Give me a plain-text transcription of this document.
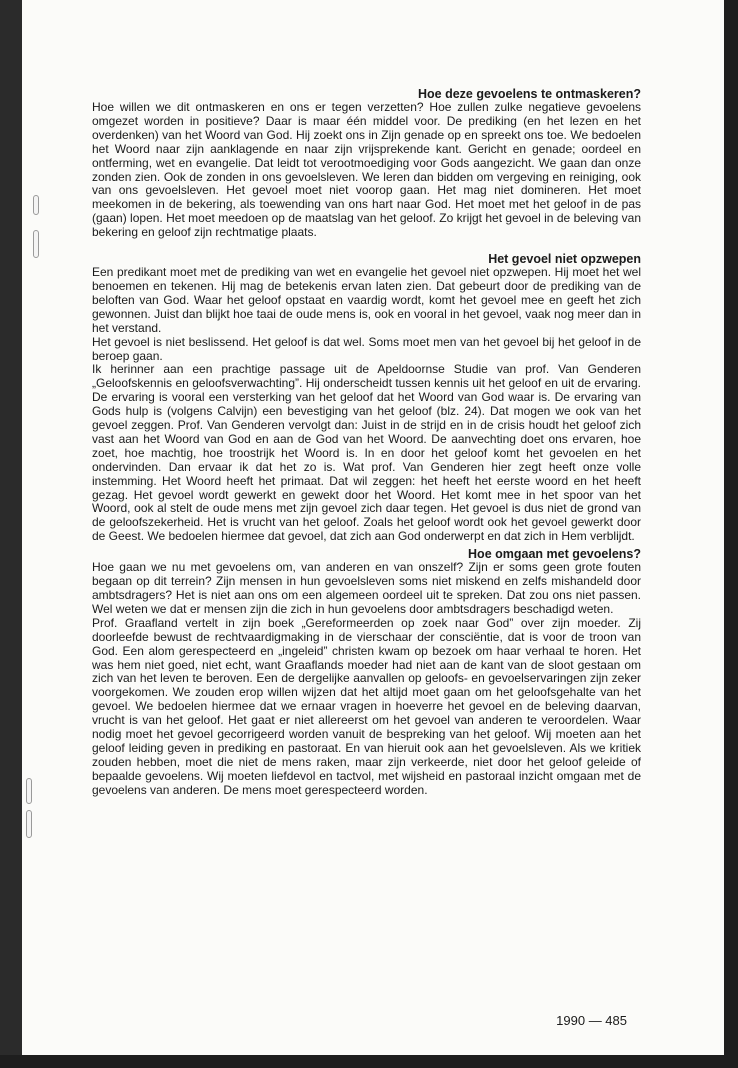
Hoe deze gevoelens te ontmaskeren?

Hoe willen we dit ontmaskeren en ons er tegen verzetten? Hoe zullen zulke negatieve gevoelens omgezet worden in positieve? Daar is maar één middel voor. De prediking (en het lezen en het overdenken) van het Woord van God. Hij zoekt ons in Zijn genade op en spreekt ons toe. We bedoelen het Woord naar zijn aanklagende en naar zijn vrijsprekende kant. Gericht en genade; oordeel en ontferming, wet en evangelie. Dat leidt tot verootmoediging voor Gods aangezicht. We gaan dan onze zonden zien. Ook de zonden in ons gevoelsleven. We leren dan bidden om vergeving en reiniging, ook van ons gevoelsleven. Het gevoel moet niet voorop gaan. Het mag niet domineren. Het moet meekomen in de bekering, als toewending van ons hart naar God. Het moet met het geloof in de pas (gaan) lopen. Het moet meedoen op de maatslag van het geloof. Zo krijgt het gevoel in de beleving van bekering en geloof zijn rechtmatige plaats.

Het gevoel niet opzwepen

Een predikant moet met de prediking van wet en evangelie het gevoel niet opzwepen. Hij moet het wel benoemen en tekenen. Hij mag de betekenis ervan laten zien. Dat gebeurt door de prediking van de beloften van God. Waar het geloof opstaat en vaardig wordt, komt het gevoel mee en geeft het zich gewonnen. Juist dan blijkt hoe taai de oude mens is, ook en vooral in het gevoel, vaak nog meer dan in het verstand.

Het gevoel is niet beslissend. Het geloof is dat wel. Soms moet men van het gevoel bij het geloof in de beroep gaan.

Ik herinner aan een prachtige passage uit de Apeldoornse Studie van prof. Van Genderen „Geloofskennis en geloofsverwachting”. Hij onderscheidt tussen kennis uit het geloof en uit de ervaring. De ervaring is vooral een versterking van het geloof dat het Woord van God waar is. De ervaring van Gods hulp is (volgens Calvijn) een bevestiging van het geloof (blz. 24). Dat mogen we ook van het gevoel zeggen. Prof. Van Genderen vervolgt dan: Juist in de strijd en in de crisis houdt het geloof zich vast aan het Woord van God en aan de God van het Woord. De aanvechting doet ons ervaren, hoe zoet, hoe machtig, hoe troostrijk het Woord is. In en door het geloof komt het gevoelen en het ondervinden. Dan ervaar ik dat het zo is. Wat prof. Van Genderen hier zegt heeft onze volle instemming. Het Woord heeft het primaat. Dat wil zeggen: het heeft het eerste woord en het heeft gezag. Het gevoel wordt gewerkt en gewekt door het Woord. Het komt mee in het spoor van het Woord, ook al stelt de oude mens met zijn gevoel zich daar tegen. Het gevoel is dus niet de grond van de geloofszekerheid. Het is vrucht van het geloof. Zoals het geloof wordt ook het gevoel gewerkt door de Geest. We bedoelen hiermee dat gevoel, dat zich aan God onderwerpt en dat zich in Hem verblijdt.

Hoe omgaan met gevoelens?

Hoe gaan we nu met gevoelens om, van anderen en van onszelf? Zijn er soms geen grote fouten begaan op dit terrein? Zijn mensen in hun gevoelsleven soms niet miskend en zelfs mishandeld door ambtsdragers? Het is niet aan ons om een algemeen oordeel uit te spreken. Dat zou ons niet passen. Wel weten we dat er mensen zijn die zich in hun gevoelens door ambtsdragers beschadigd weten.

Prof. Graafland vertelt in zijn boek „Gereformeerden op zoek naar God” over zijn moeder. Zij doorleefde bewust de rechtvaardigmaking in de vierschaar der consciëntie, dat is voor de troon van God. Een alom gerespecteerd en „ingeleid” christen kwam op bezoek om haar verhaal te horen. Het was hem niet goed, niet echt, want Graaflands moeder had niet aan de kant van de sloot gestaan om zich van het leven te beroven. Een de dergelijke aanvallen op geloofs- en gevoelservaringen zijn zeker voorgekomen. We zouden erop willen wijzen dat het altijd moet gaan om het geloofsgehalte van het gevoel. We bedoelen hiermee dat we ernaar vragen in hoeverre het gevoel en de beleving daarvan, vrucht is van het geloof. Het gaat er niet allereerst om het gevoel van anderen te veroordelen. Waar nodig moet het gevoel gecorrigeerd worden vanuit de bespreking van het geloof. Wij moeten aan het geloof leiding geven in prediking en pastoraat. En van hieruit ook aan het gevoelsleven. Als we kritiek zouden hebben, moet die niet de mens raken, maar zijn verkeerde, niet door het geloof geleide of bepaalde gevoelens. Wij moeten liefdevol en tactvol, met wijsheid en pastoraal inzicht omgaan met de gevoelens van anderen. De mens moet gerespecteerd worden.

1990 — 485
